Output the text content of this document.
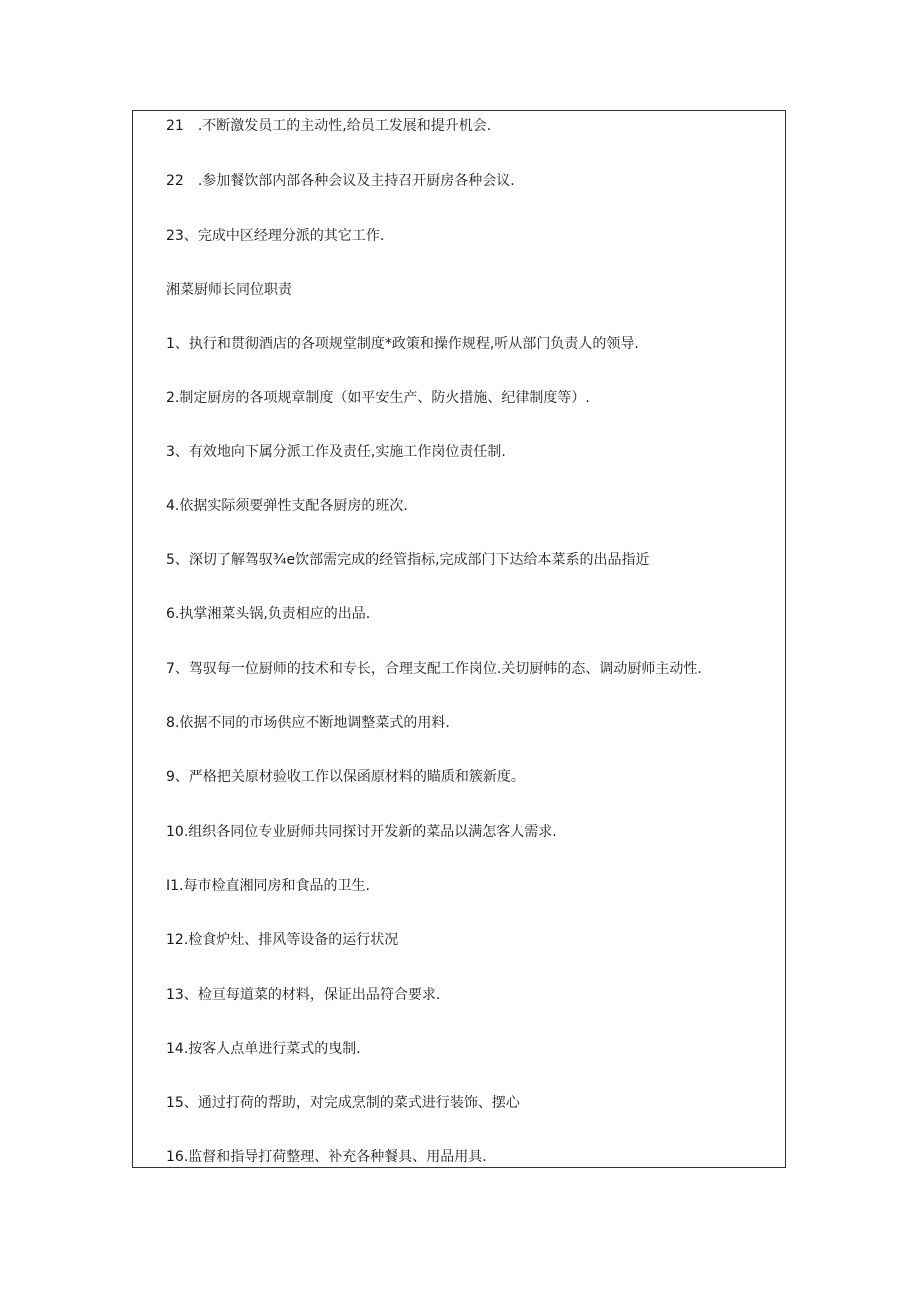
21　.不断激发员工的主动性,给员工发展和提升机会.
22　.参加餐饮部内部各种会议及主持召开厨房各种会议.
23、完成中区经理分派的其它工作.
湘菜厨师长同位职责
1、执行和贯彻酒店的各项规堂制度*政策和操作规程,听从部门负责人的领导.
2.制定厨房的各项规章制度（如平安生产、防火措施、纪律制度等）.
3、有效地向下属分派工作及责任,实施工作岗位责任制.
4.依据实际须要弹性支配各厨房的班次.
5、深切了解驾驭¾e饮部需完成的经管指标,完成部门下达给本菜系的出品指近
6.执掌湘菜头锅,负责相应的出品.
7、驾驭每一位厨师的技术和专长，合理支配工作岗位.关切厨帏的态、调动厨师主动性.
8.依据不同的市场供应不断地调整菜式的用料.
9、严格把关原材验收工作以保函原材料的瞄质和簇新度。
10.组织各同位专业厨师共同探讨开发新的菜品以满怎客人需求.
I1.每市检直湘同房和食品的卫生.
12.检食炉灶、排风等设备的运行状况
13、检亘每道菜的材料，保证出品符合要求.
14.按客人点单进行菜式的曳制.
15、通过打荷的帮助，对完成烹制的菜式进行装饰、摆心
16.监督和指导打荷整理、补充各种餐具、用品用具.
